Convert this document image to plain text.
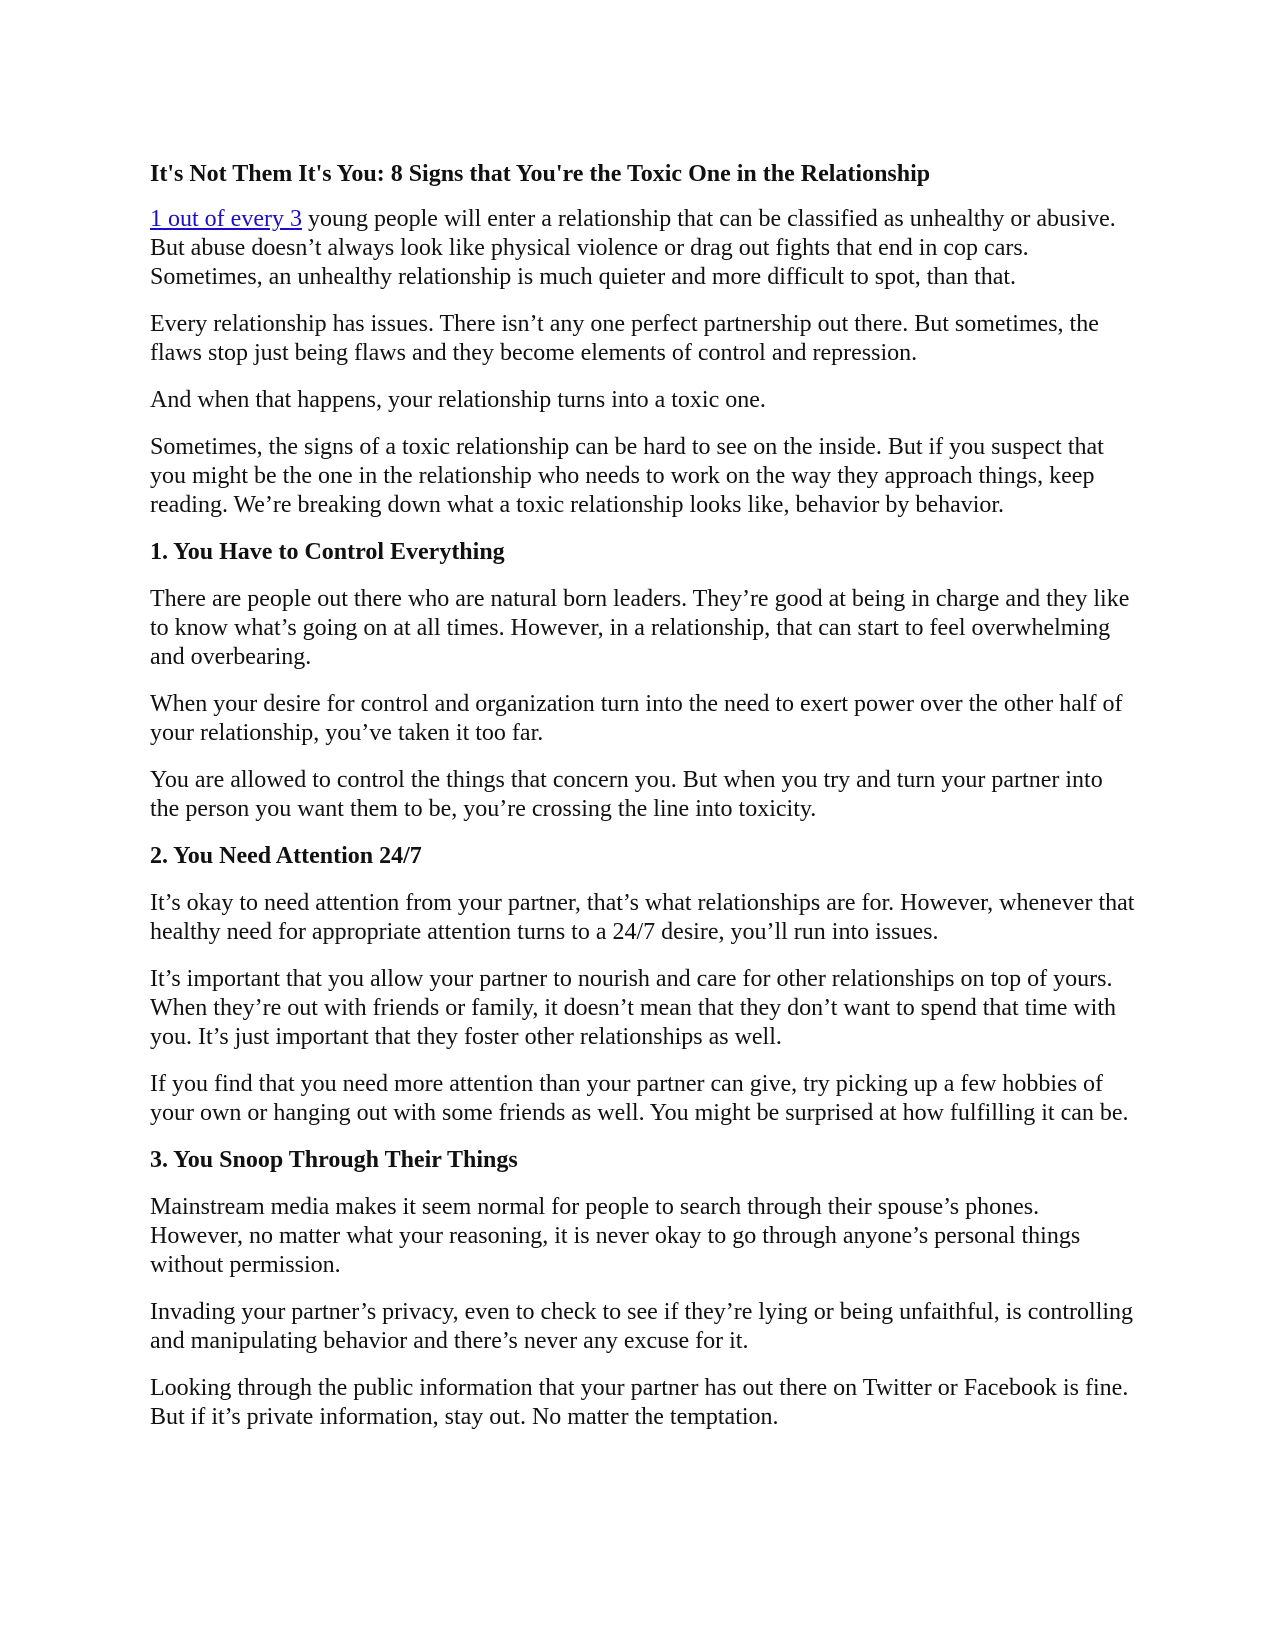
It's Not Them It's You: 8 Signs that You're the Toxic One in the Relationship

1 out of every 3 young people will enter a relationship that can be classified as unhealthy or abusive. But abuse doesn’t always look like physical violence or drag out fights that end in cop cars. Sometimes, an unhealthy relationship is much quieter and more difficult to spot, than that.

Every relationship has issues. There isn’t any one perfect partnership out there. But sometimes, the flaws stop just being flaws and they become elements of control and repression.

And when that happens, your relationship turns into a toxic one.

Sometimes, the signs of a toxic relationship can be hard to see on the inside. But if you suspect that you might be the one in the relationship who needs to work on the way they approach things, keep reading. We’re breaking down what a toxic relationship looks like, behavior by behavior.

1. You Have to Control Everything

There are people out there who are natural born leaders. They’re good at being in charge and they like to know what’s going on at all times. However, in a relationship, that can start to feel overwhelming and overbearing.

When your desire for control and organization turn into the need to exert power over the other half of your relationship, you’ve taken it too far.

You are allowed to control the things that concern you. But when you try and turn your partner into the person you want them to be, you’re crossing the line into toxicity.

2. You Need Attention 24/7

It’s okay to need attention from your partner, that’s what relationships are for. However, whenever that healthy need for appropriate attention turns to a 24/7 desire, you’ll run into issues.

It’s important that you allow your partner to nourish and care for other relationships on top of yours. When they’re out with friends or family, it doesn’t mean that they don’t want to spend that time with you. It’s just important that they foster other relationships as well.

If you find that you need more attention than your partner can give, try picking up a few hobbies of your own or hanging out with some friends as well. You might be surprised at how fulfilling it can be.

3. You Snoop Through Their Things

Mainstream media makes it seem normal for people to search through their spouse’s phones. However, no matter what your reasoning, it is never okay to go through anyone’s personal things without permission.

Invading your partner’s privacy, even to check to see if they’re lying or being unfaithful, is controlling and manipulating behavior and there’s never any excuse for it.

Looking through the public information that your partner has out there on Twitter or Facebook is fine. But if it’s private information, stay out. No matter the temptation.
